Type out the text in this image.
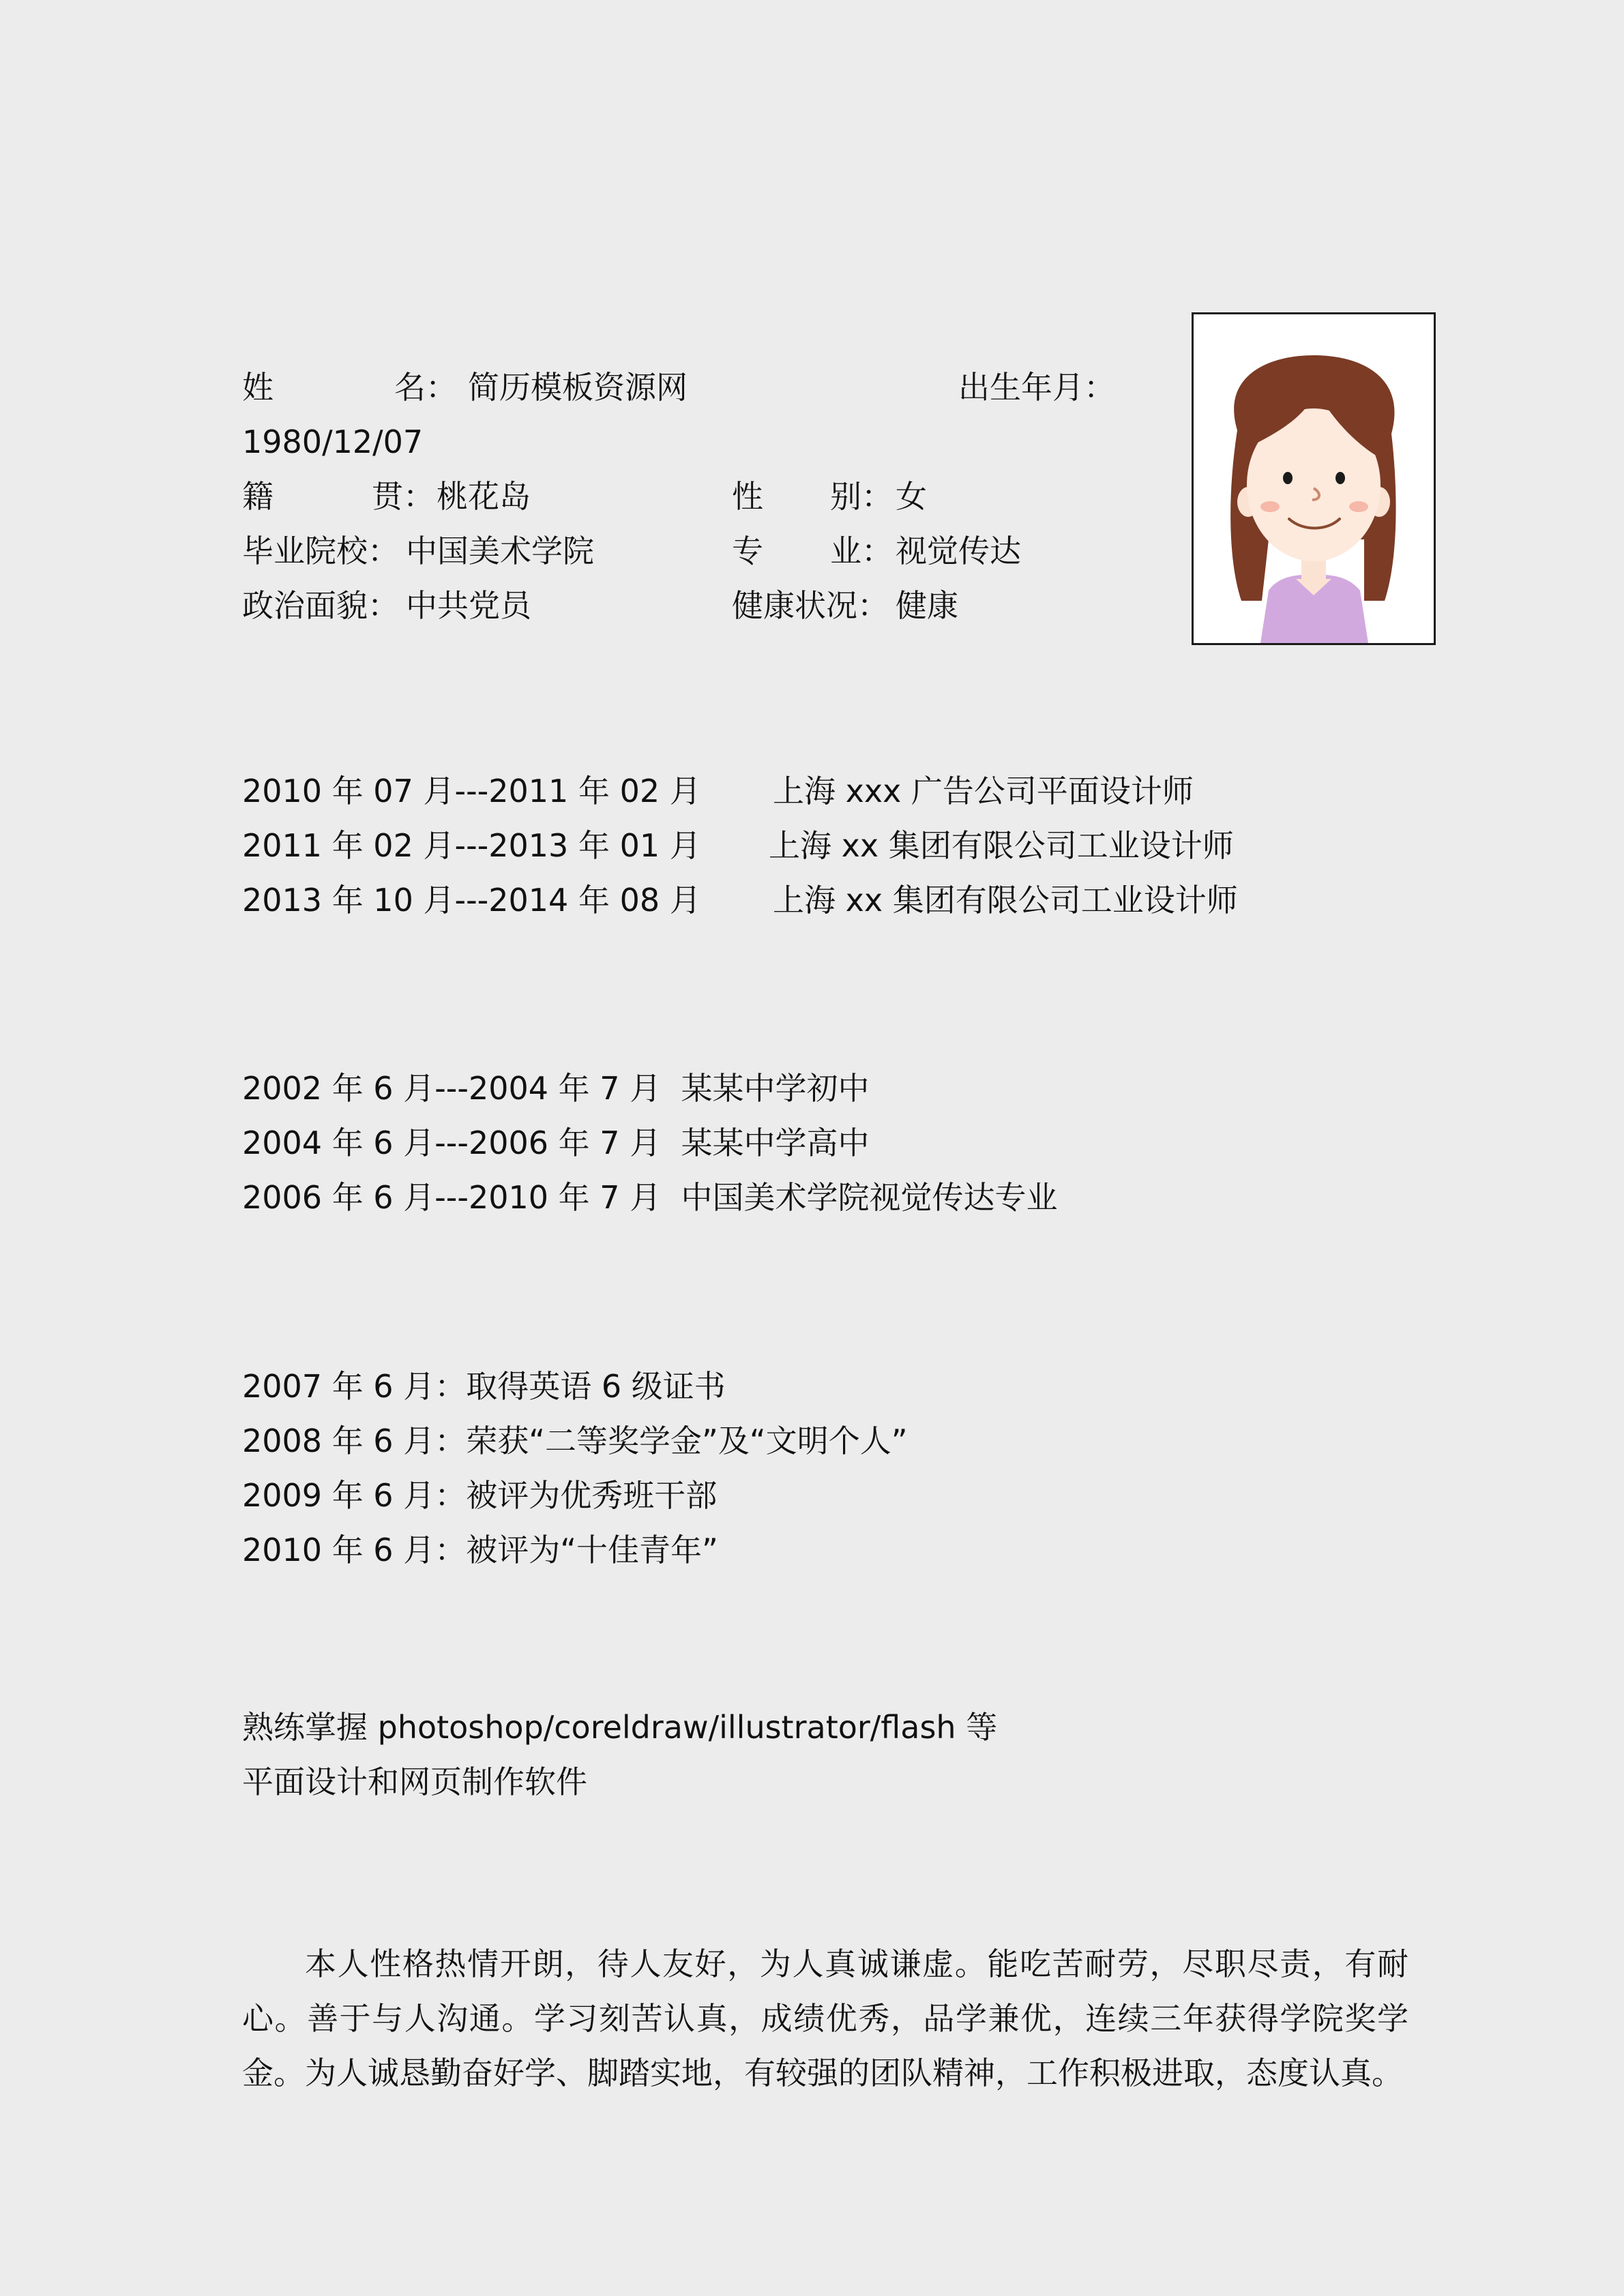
姓	名： 简历模板资源网	出生年月：
1980/12/07
籍	贯： 桃花岛	性 别： 女
毕业院校： 中国美术学院	专 业： 视觉传达
政治面貌： 中共党员	健康状况： 健康
2010 年 07 月---2011 年 02 月 上海 xxx 广告公司平面设计师
2011 年 02 月---2013 年 01 月 上海 xx 集团有限公司工业设计师
2013 年 10 月---2014 年 08 月 上海 xx 集团有限公司工业设计师
2002 年 6 月---2004 年 7 月  某某中学初中
2004 年 6 月---2006 年 7 月  某某中学高中
2006 年 6 月---2010 年 7 月  中国美术学院视觉传达专业
2007 年 6 月：取得英语 6 级证书
2008 年 6 月：荣获“二等奖学金”及“文明个人”
2009 年 6 月：被评为优秀班干部
2010 年 6 月：被评为“十佳青年”
熟练掌握 photoshop/coreldraw/illustrator/flash 等
平面设计和网页制作软件
本人性格热情开朗，待人友好，为人真诚谦虚。能吃苦耐劳，尽职尽责，有耐心。善于与人沟通。学习刻苦认真，成绩优秀，品学兼优，连续三年获得学院奖学金。为人诚恳勤奋好学、脚踏实地，有较强的团队精神，工作积极进取，态度认真。
